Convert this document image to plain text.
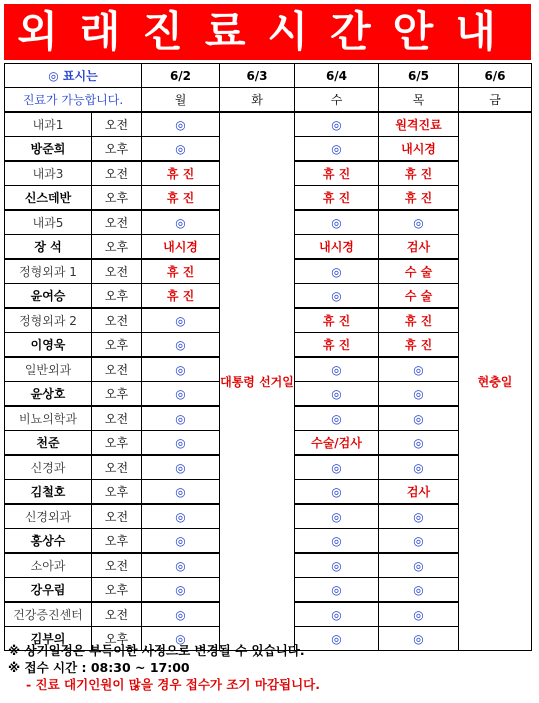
외래진료시간안내
◎ 표시는		6/2	6/3	6/4	6/5	6/6
진료가 가능합니다.		월	화	수	목	금
내과1	오전	◎	대통령 선거일	◎	원격진료	현충일
방준희	오후	◎		◎	내시경	
내과3	오전	휴 진		휴 진	휴 진	
신스데반	오후	휴 진		휴 진	휴 진	
내과5	오전	◎		◎	◎	
장 석	오후	내시경		내시경	검사	
정형외과 1	오전	휴 진		◎	수 술	
윤여승	오후	휴 진		◎	수 술	
정형외과 2	오전	◎		휴 진	휴 진	
이영욱	오후	◎		휴 진	휴 진	
일반외과	오전	◎		◎	◎	
윤상호	오후	◎		◎	◎	
비뇨의학과	오전	◎		◎	◎	
천준	오후	◎		수술/검사	◎	
신경과	오전	◎		◎	◎	
김철호	오후	◎		◎	검사	
신경외과	오전	◎		◎	◎	
홍상수	오후	◎		◎	◎	
소아과	오전	◎		◎	◎	
강우림	오후	◎		◎	◎	
건강증진센터	오전	◎		◎	◎	
김부의	오후	◎		◎	◎	
※ 상기일정은 부득이한 사정으로 변경될 수 있습니다.
※ 접수 시간 : 08:30 ~ 17:00
- 진료 대기인원이 많을 경우 접수가 조기 마감됩니다.
